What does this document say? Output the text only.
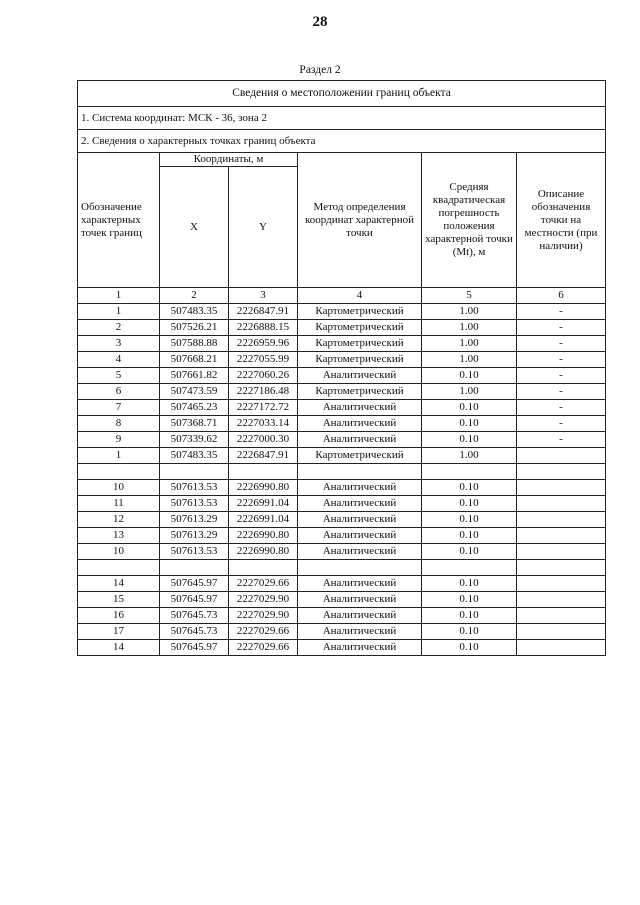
28
Раздел 2
Сведения о местоположении границ объекта					
1. Система координат: МСК - 36, зона 2					
2. Сведения о характерных точках границ объекта					
Обозначение характерных точек границ	Координаты, м		Метод определения координат характерной точки	Средняя квадратическая погрешность положения характерной точки (Mt), м	Описание обозначения точки на местности (при наличии)
	X	Y			
1	2	3	4	5	6
1	507483.35	2226847.91	Картометрический	1.00	-
2	507526.21	2226888.15	Картометрический	1.00	-
3	507588.88	2226959.96	Картометрический	1.00	-
4	507668.21	2227055.99	Картометрический	1.00	-
5	507661.82	2227060.26	Аналитический	0.10	-
6	507473.59	2227186.48	Картометрический	1.00	-
7	507465.23	2227172.72	Аналитический	0.10	-
8	507368.71	2227033.14	Аналитический	0.10	-
9	507339.62	2227000.30	Аналитический	0.10	-
1	507483.35	2226847.91	Картометрический	1.00	

10	507613.53	2226990.80	Аналитический	0.10	
11	507613.53	2226991.04	Аналитический	0.10	
12	507613.29	2226991.04	Аналитический	0.10	
13	507613.29	2226990.80	Аналитический	0.10	
10	507613.53	2226990.80	Аналитический	0.10	

14	507645.97	2227029.66	Аналитический	0.10	
15	507645.97	2227029.90	Аналитический	0.10	
16	507645.73	2227029.90	Аналитический	0.10	
17	507645.73	2227029.66	Аналитический	0.10	
14	507645.97	2227029.66	Аналитический	0.10	
